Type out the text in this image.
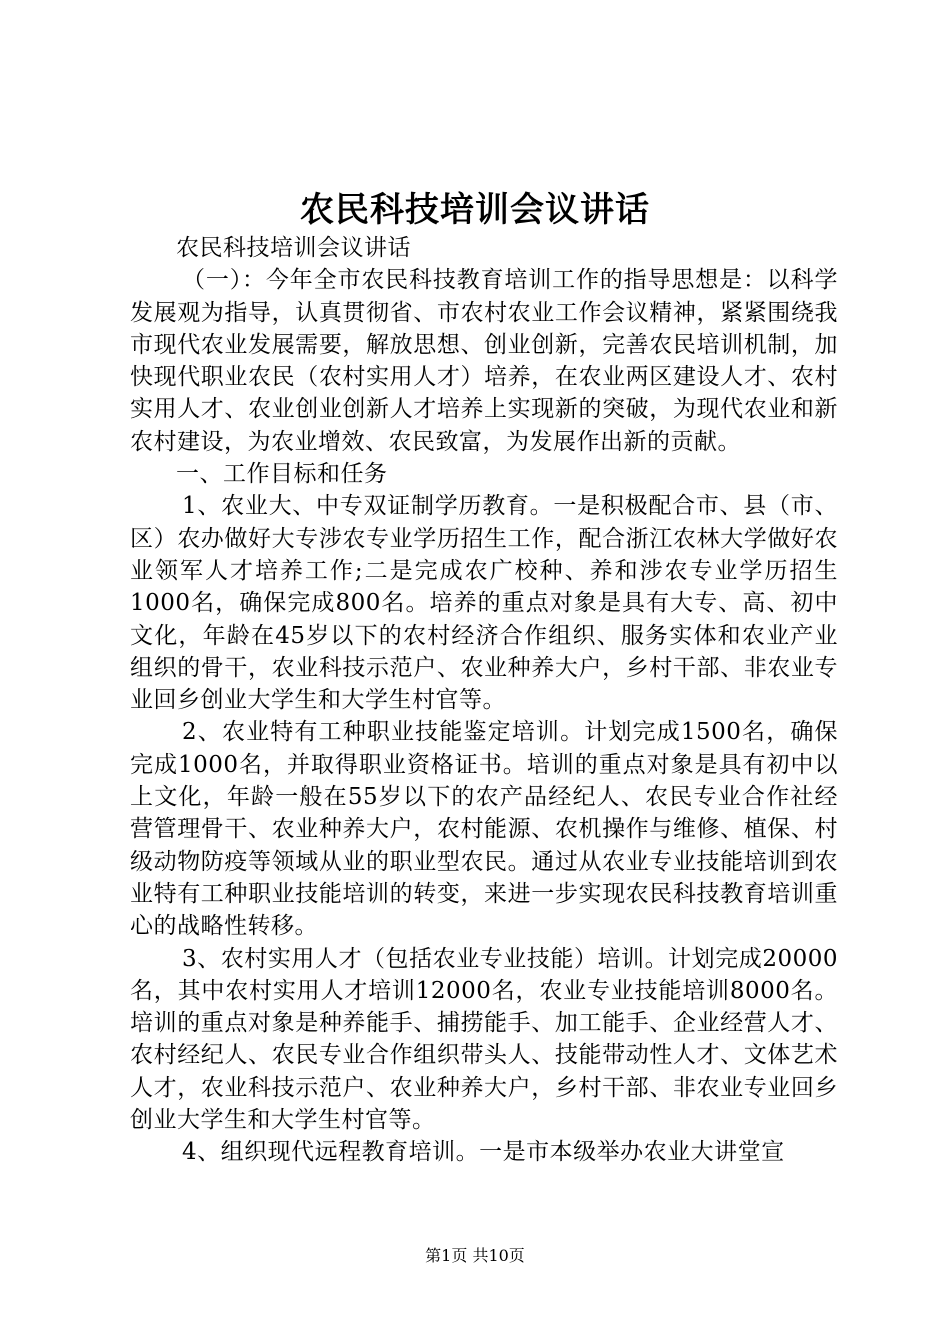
农民科技培训会议讲话

农民科技培训会议讲话

（一）：今年全市农民科技教育培训工作的指导思想是：以科学发展观为指导，认真贯彻省、市农村农业工作会议精神，紧紧围绕我市现代农业发展需要，解放思想、创业创新，完善农民培训机制，加快现代职业农民（农村实用人才）培养，在农业两区建设人才、农村实用人才、农业创业创新人才培养上实现新的突破，为现代农业和新农村建设，为农业增效、农民致富，为发展作出新的贡献。

一、工作目标和任务

1、农业大、中专双证制学历教育。一是积极配合市、县（市、区）农办做好大专涉农专业学历招生工作，配合浙江农林大学做好农业领军人才培养工作;二是完成农广校种、养和涉农专业学历招生1000名，确保完成800名。培养的重点对象是具有大专、高、初中文化，年龄在45岁以下的农村经济合作组织、服务实体和农业产业组织的骨干，农业科技示范户、农业种养大户，乡村干部、非农业专业回乡创业大学生和大学生村官等。

2、农业特有工种职业技能鉴定培训。计划完成1500名，确保完成1000名，并取得职业资格证书。培训的重点对象是具有初中以上文化，年龄一般在55岁以下的农产品经纪人、农民专业合作社经营管理骨干、农业种养大户，农村能源、农机操作与维修、植保、村级动物防疫等领域从业的职业型农民。通过从农业专业技能培训到农业特有工种职业技能培训的转变，来进一步实现农民科技教育培训重心的战略性转移。

3、农村实用人才（包括农业专业技能）培训。计划完成20000名，其中农村实用人才培训12000名，农业专业技能培训8000名。培训的重点对象是种养能手、捕捞能手、加工能手、企业经营人才、农村经纪人、农民专业合作组织带头人、技能带动性人才、文体艺术人才，农业科技示范户、农业种养大户，乡村干部、非农业专业回乡创业大学生和大学生村官等。

4、组织现代远程教育培训。一是市本级举办农业大讲堂宣

第1页 共10页
